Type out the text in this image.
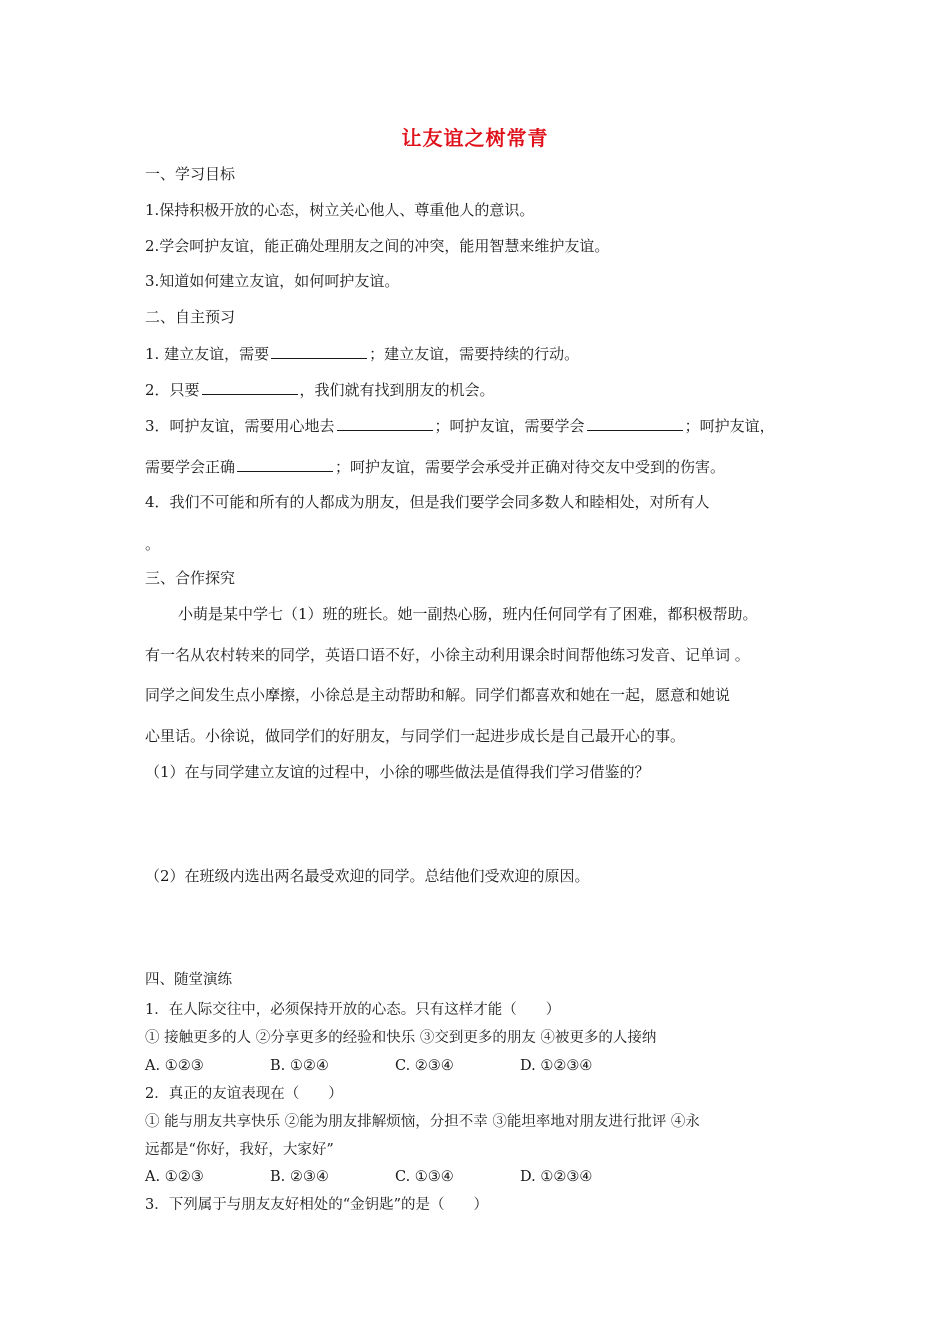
让友谊之树常青
一、学习目标
1.保持积极开放的心态，树立关心他人、尊重他人的意识。
2.学会呵护友谊，能正确处理朋友之间的冲突，能用智慧来维护友谊。
3.知道如何建立友谊，如何呵护友谊。
二、自主预习
1. 建立友谊，需要	；建立友谊，需要持续的行动。
2．只要	，我们就有找到朋友的机会。
3．呵护友谊，需要用心地去	；呵护友谊，需要学会	；呵护友谊，
需要学会正确	；呵护友谊，需要学会承受并正确对待交友中受到的伤害。
4．我们不可能和所有的人都成为朋友，但是我们要学会同多数人和睦相处，对所有人
。
三、合作探究
小萌是某中学七（1）班的班长。她一副热心肠，班内任何同学有了困难，都积极帮助。
有一名从农村转来的同学，英语口语不好，小徐主动利用课余时间帮他练习发音、记单词 。
同学之间发生点小摩擦，小徐总是主动帮助和解。同学们都喜欢和她在一起，愿意和她说
心里话。小徐说，做同学们的好朋友，与同学们一起进步成长是自己最开心的事。
（1）在与同学建立友谊的过程中，小徐的哪些做法是值得我们学习借鉴的？
（2）在班级内选出两名最受欢迎的同学。总结他们受欢迎的原因。
四、随堂演练
1．在人际交往中，必须保持开放的心态。只有这样才能（　　）
① 接触更多的人 ②分享更多的经验和快乐 ③交到更多的朋友 ④被更多的人接纳
A. ①②③	B. ①②④	C. ②③④	D. ①②③④
2．真正的友谊表现在（　　）
① 能与朋友共享快乐 ②能为朋友排解烦恼，分担不幸 ③能坦率地对朋友进行批评 ④永
远都是“你好，我好，大家好”
A. ①②③	B. ②③④	C. ①③④	D. ①②③④
3．下列属于与朋友友好相处的“金钥匙”的是（　　）
